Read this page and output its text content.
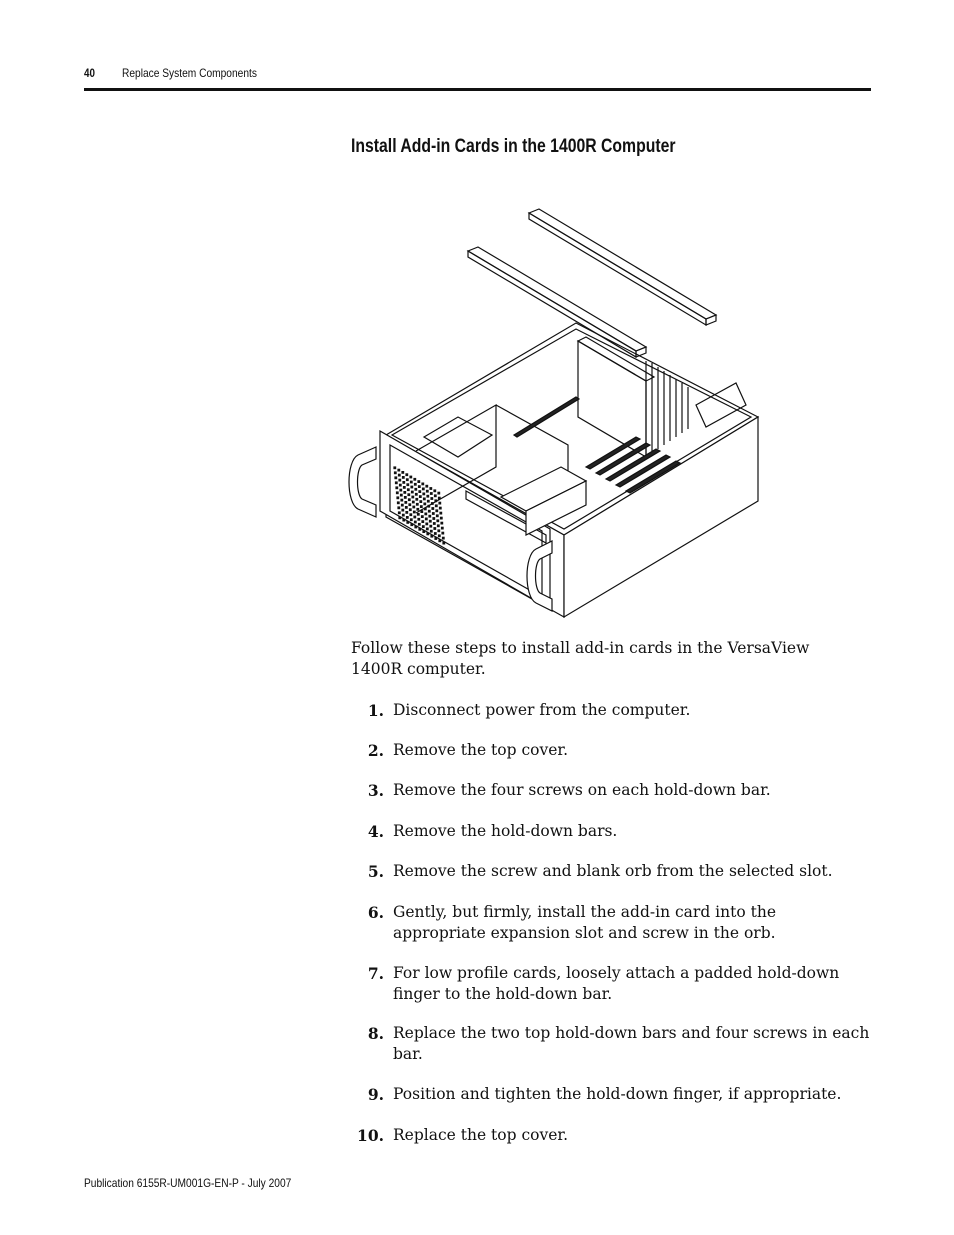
40 Replace System Components
Install Add-in Cards in the 1400R Computer
Follow these steps to install add-in cards in the VersaView 1400R computer.
1. Disconnect power from the computer.
2. Remove the top cover.
3. Remove the four screws on each hold-down bar.
4. Remove the hold-down bars.
5. Remove the screw and blank orb from the selected slot.
6. Gently, but firmly, install the add-in card into the appropriate expansion slot and screw in the orb.
7. For low profile cards, loosely attach a padded hold-down finger to the hold-down bar.
8. Replace the two top hold-down bars and four screws in each bar.
9. Position and tighten the hold-down finger, if appropriate.
10. Replace the top cover.
Publication 6155R-UM001G-EN-P - July 2007
